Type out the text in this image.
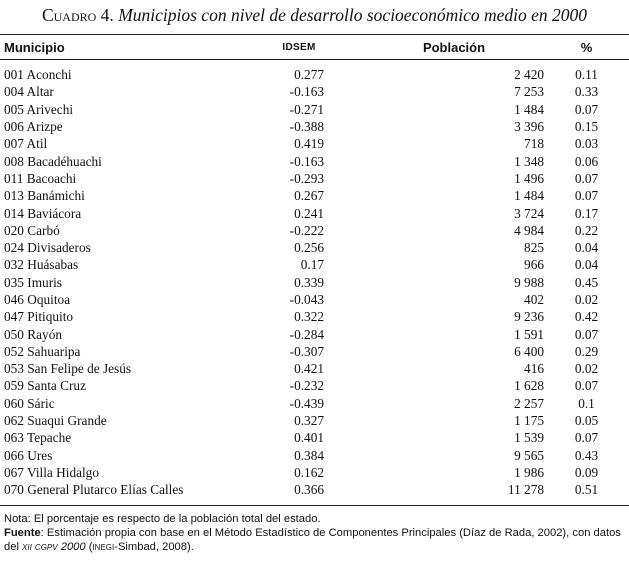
Cuadro 4. Municipios con nivel de desarrollo socioeconómico medio en 2000
Municipio	IDSEM	Población	%

001 Aconchi	0.277	2 420	0.11
004 Altar	-0.163	7 253	0.33
005 Arivechi	-0.271	1 484	0.07
006 Arizpe	-0.388	3 396	0.15
007 Atil	0.419	718	0.03
008 Bacadéhuachi	-0.163	1 348	0.06
011 Bacoachi	-0.293	1 496	0.07
013 Banámichi	0.267	1 484	0.07
014 Baviácora	0.241	3 724	0.17
020 Carbó	-0.222	4 984	0.22
024 Divisaderos	0.256	825	0.04
032 Huásabas	0.17	966	0.04
035 Imuris	0.339	9 988	0.45
046 Oquitoa	-0.043	402	0.02
047 Pitiquito	0.322	9 236	0.42
050 Rayón	-0.284	1 591	0.07
052 Sahuaripa	-0.307	6 400	0.29
053 San Felipe de Jesús	0.421	416	0.02
059 Santa Cruz	-0.232	1 628	0.07
060 Sáric	-0.439	2 257	0.1
062 Suaqui Grande	0.327	1 175	0.05
063 Tepache	0.401	1 539	0.07
066 Ures	0.384	9 565	0.43
067 Villa Hidalgo	0.162	1 986	0.09
070 General Plutarco Elías Calles	0.366	11 278	0.51
Nota: El porcentaje es respecto de la población total del estado.
Fuente: Estimación propia con base en el Método Estadístico de Componentes Principales (Díaz de Rada, 2002), con datos del xii cgpv 2000 (inegi-Simbad, 2008).
